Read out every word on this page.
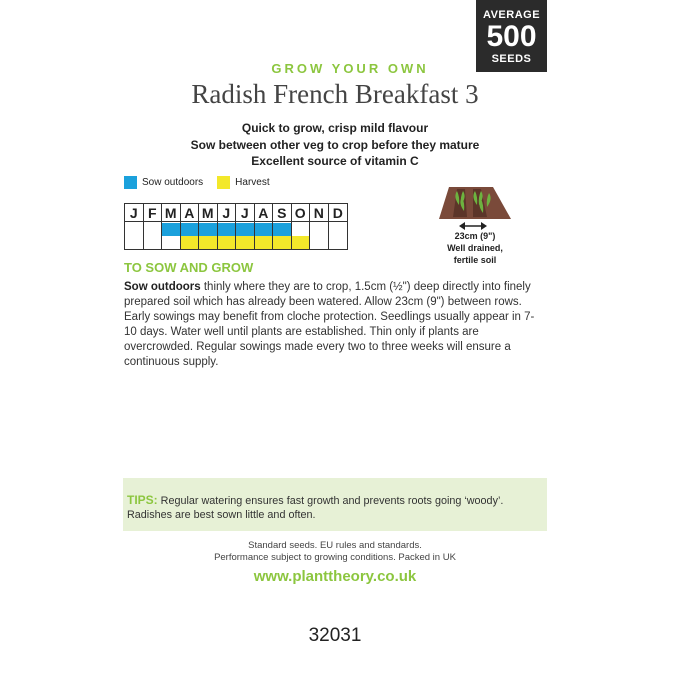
AVERAGE
500
SEEDS
GROW YOUR OWN
Radish French Breakfast 3
Quick to grow, crisp mild flavour
Sow between other veg to crop before they mature
Excellent source of vitamin C
Sow outdoors	Harvest
J F M A M J J A S O N D
23cm (9")
Well drained,
fertile soil
TO SOW AND GROW
Sow outdoors thinly where they are to crop, 1.5cm (½") deep directly into finely prepared soil which has already been watered. Allow 23cm (9") between rows. Early sowings may benefit from cloche protection. Seedlings usually appear in 7-10 days. Water well until plants are established. Thin only if plants are overcrowded. Regular sowings made every two to three weeks will ensure a continuous supply.
TIPS: Regular watering ensures fast growth and prevents roots going ‘woody’. Radishes are best sown little and often.
Standard seeds. EU rules and standards.
Performance subject to growing conditions. Packed in UK
www.planttheory.co.uk
32031
